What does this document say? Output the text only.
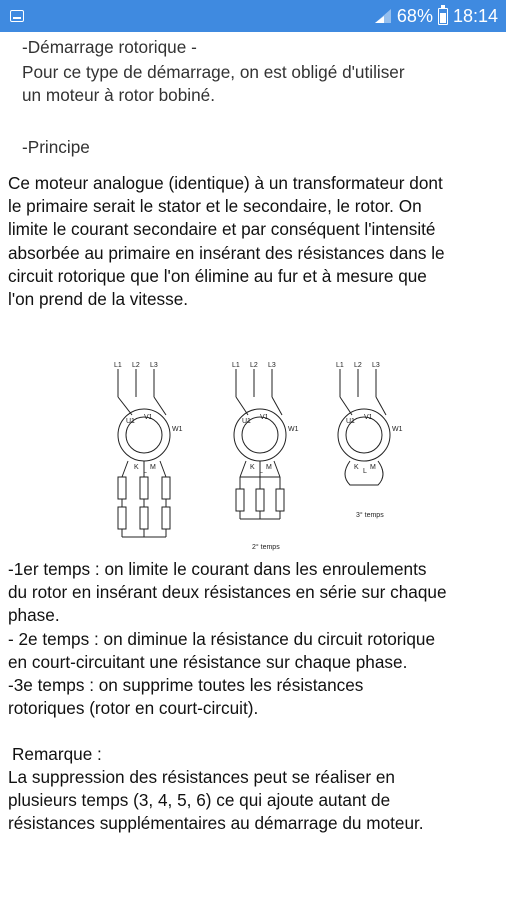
68% 18:14
-Démarrage rotorique -
Pour ce type de démarrage, on est obligé d'utiliser
un moteur à rotor bobiné.
-Principe
Ce moteur analogue (identique) à un transformateur dont
le primaire serait le stator et le secondaire, le rotor. On
limite le courant secondaire et par conséquent l'intensité
absorbée au primaire en insérant des résistances dans le
circuit rotorique que l'on élimine au fur et à mesure que
l'on prend de la vitesse.
L1 L2 L3
U1
V1
W1
K
L
M
L1 L2 L3
U1
V1
W1
K
L
M
2° temps
L1 L2 L3
U1
V1
W1
K
L
M
3° temps
-1er temps : on limite le courant dans les enroulements
du rotor en insérant deux résistances en série sur chaque
phase.
- 2e temps : on diminue la résistance du circuit rotorique
en court-circuitant une résistance sur chaque phase.
-3e temps : on supprime toutes les résistances
rotoriques (rotor en court-circuit).
Remarque :
La suppression des résistances peut se réaliser en
plusieurs temps (3, 4, 5, 6) ce qui ajoute autant de
résistances supplémentaires au démarrage du moteur.
